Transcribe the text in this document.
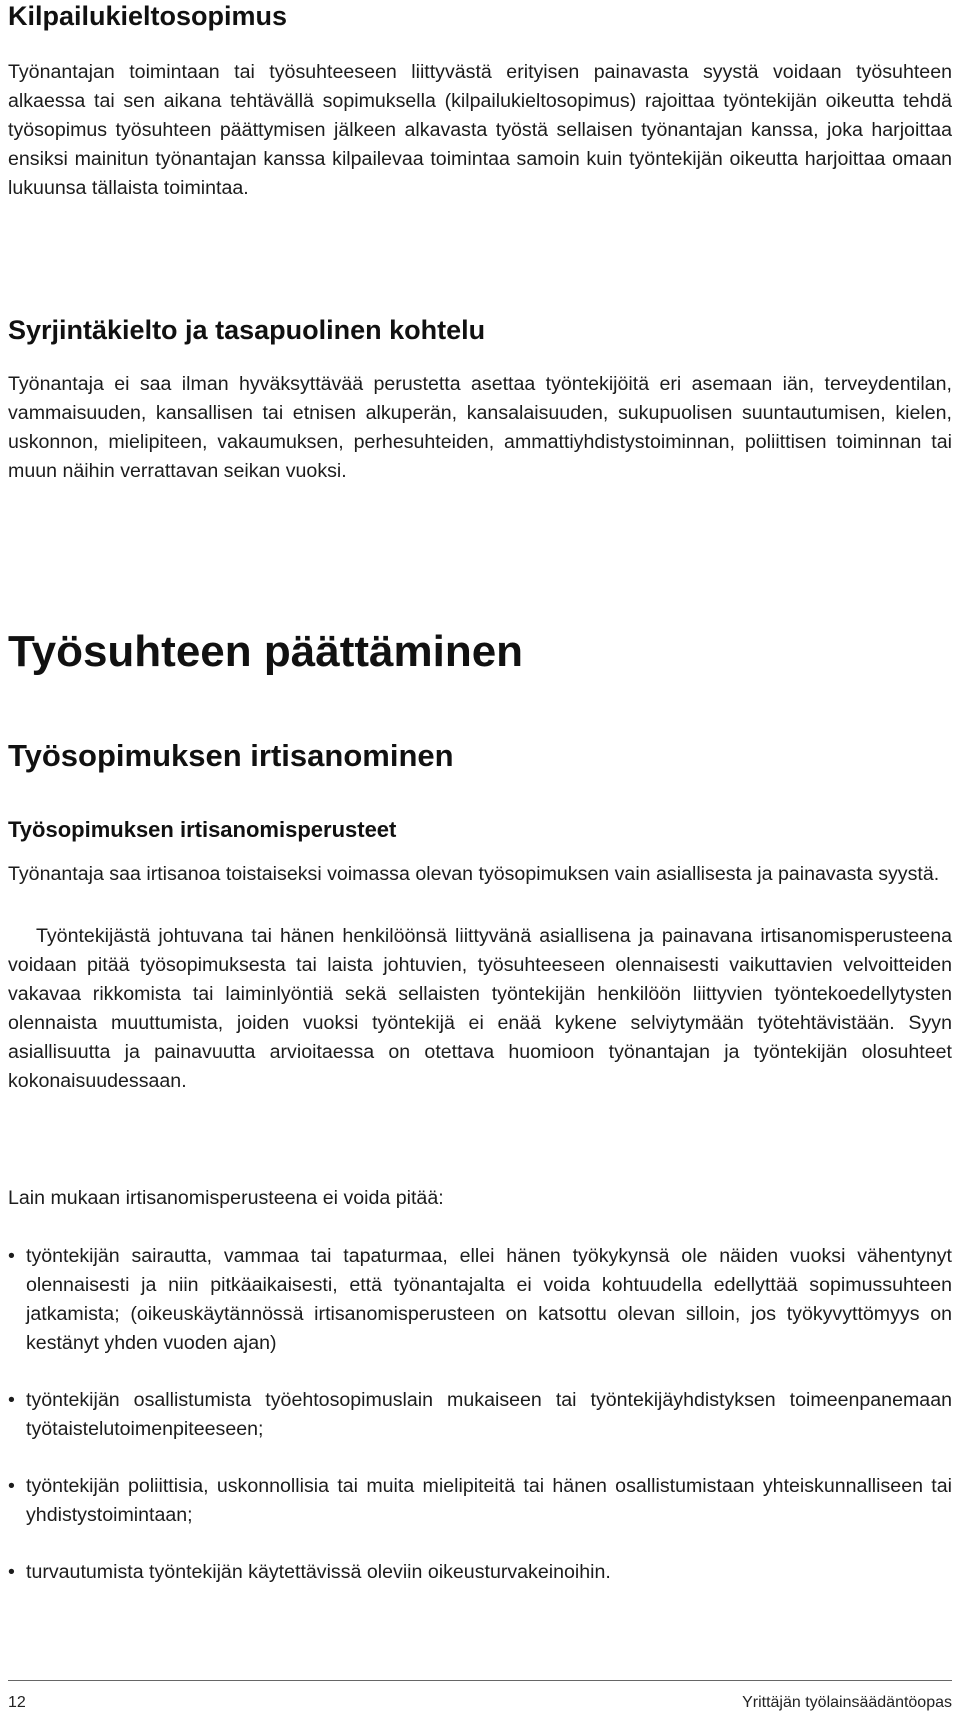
Kilpailukieltosopimus

Työnantajan toimintaan tai työsuhteeseen liittyvästä erityisen painavasta syystä voidaan työsuhteen alkaessa tai sen aikana tehtävällä sopimuksella (kilpailukieltosopimus) rajoittaa työntekijän oikeutta tehdä työsopimus työsuhteen päättymisen jälkeen alkavasta työstä sellaisen työnantajan kanssa, joka harjoittaa ensiksi mainitun työnantajan kanssa kilpailevaa toimintaa samoin kuin työntekijän oikeutta harjoittaa omaan lukuunsa tällaista toimintaa.

Syrjintäkielto ja tasapuolinen kohtelu

Työnantaja ei saa ilman hyväksyttävää perustetta asettaa työntekijöitä eri asemaan iän, terveydentilan, vammaisuuden, kansallisen tai etnisen alkuperän, kansalaisuuden, sukupuolisen suuntautumisen, kielen, uskonnon, mielipiteen, vakaumuksen, perhesuhteiden, ammattiyhdistystoiminnan, poliittisen toiminnan tai muun näihin verrattavan seikan vuoksi.

Työsuhteen päättäminen
Työsopimuksen irtisanominen
Työsopimuksen irtisanomisperusteet

Työnantaja saa irtisanoa toistaiseksi voimassa olevan työsopimuksen vain asiallisesta ja painavasta syystä.

Työntekijästä johtuvana tai hänen henkilöönsä liittyvänä asiallisena ja painavana irtisanomisperusteena voidaan pitää työsopimuksesta tai laista johtuvien, työsuhteeseen olennaisesti vaikuttavien velvoitteiden vakavaa rikkomista tai laiminlyöntiä sekä sellaisten työntekijän henkilöön liittyvien työntekoedellytysten olennaista muuttumista, joiden vuoksi työntekijä ei enää kykene selviytymään työtehtävistään. Syyn asiallisuutta ja painavuutta arvioitaessa on otettava huomioon työnantajan ja työntekijän olosuhteet kokonaisuudessaan.

Lain mukaan irtisanomisperusteena ei voida pitää:

• työntekijän sairautta, vammaa tai tapaturmaa, ellei hänen työkykynsä ole näiden vuoksi vähentynyt olennaisesti ja niin pitkäaikaisesti, että työnantajalta ei voida kohtuudella edellyttää sopimussuhteen jatkamista; (oikeuskäytännössä irtisanomisperusteen on katsottu olevan silloin, jos työkyvyttömyys on kestänyt yhden vuoden ajan)
• työntekijän osallistumista työehtosopimuslain mukaiseen tai työntekijäyhdistyksen toimeenpanemaan työtaistelutoimenpiteeseen;
• työntekijän poliittisia, uskonnollisia tai muita mielipiteitä tai hänen osallistumistaan yhteiskunnalliseen tai yhdistystoimintaan;
• turvautumista työntekijän käytettävissä oleviin oikeusturvakeinoihin.
12	Yrittäjän työlainsäädäntöopas
